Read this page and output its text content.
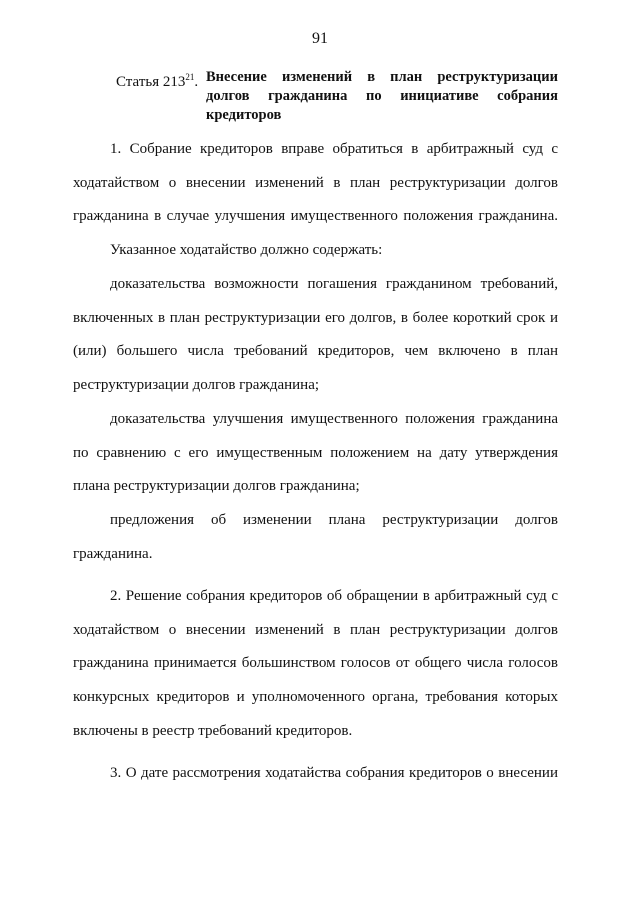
91
Статья $213^{21}$. Внесение изменений в план реструктуризации
долгов гражданина по инициативе собрания
кредиторов
1. Собрание кредиторов вправе обратиться в арбитражный суд с
ходатайством о внесении изменений в план реструктуризации долгов
гражданина в случае улучшения имущественного положения гражданина.
Указанное ходатайство должно содержать:
доказательства возможности погашения гражданином требований,
включенных в план реструктуризации его долгов, в более короткий срок и
(или) большего числа требований кредиторов, чем включено в план
реструктуризации долгов гражданина;
доказательства улучшения имущественного положения гражданина
по сравнению с его имущественным положением на дату утверждения
плана реструктуризации долгов гражданина;
предложения об изменении плана реструктуризации долгов
гражданина.
2. Решение собрания кредиторов об обращении в арбитражный суд с
ходатайством о внесении изменений в план реструктуризации долгов
гражданина принимается большинством голосов от общего числа голосов
конкурсных кредиторов и уполномоченного органа, требования которых
включены в реестр требований кредиторов.
3. О дате рассмотрения ходатайства собрания кредиторов о внесении
